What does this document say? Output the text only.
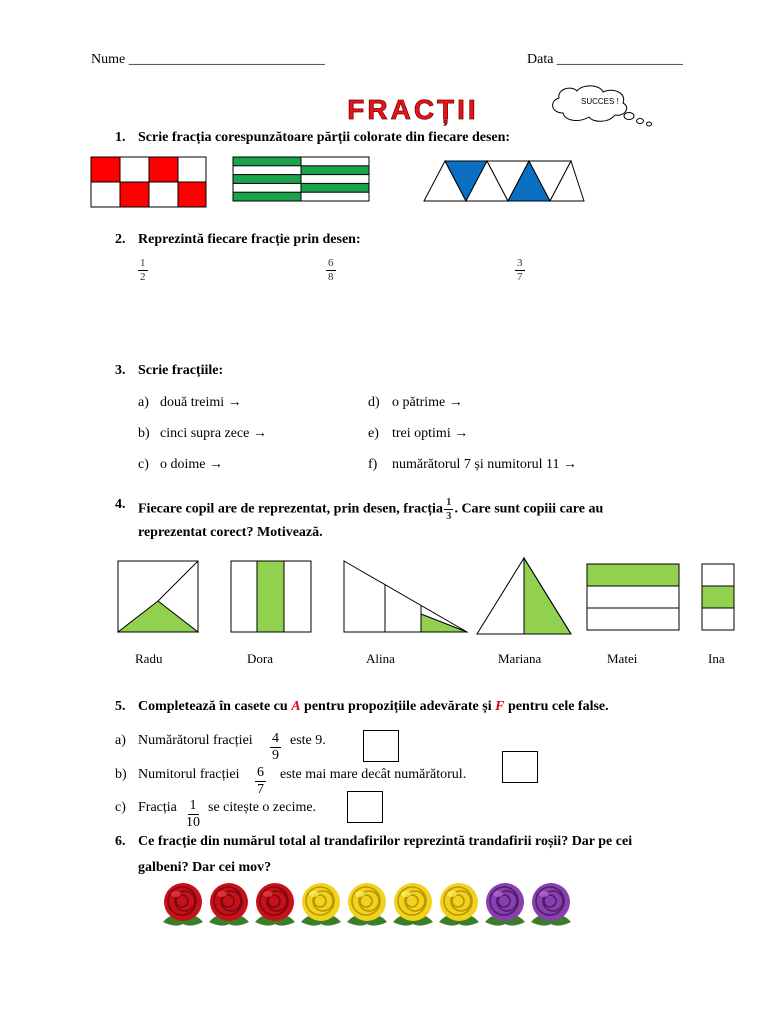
Nume ____________________________	Data __________________
FRACȚII	SUCCES !
1. Scrie fracția corespunzătoare părții colorate din fiecare desen:
2. Reprezintă fiecare fracție prin desen:
$\frac{1}{2}$	$\frac{6}{8}$	$\frac{3}{7}$
3. Scrie fracțiile:
a) două treimi →
b) cinci supra zece →
c) o doime →
d) o pătrime →
e) trei optimi →
f) numărătorul 7 și numitorul 11 →
4. Fiecare copil are de reprezentat, prin desen, fracția $\frac{1}{3}$ . Care sunt copiii care au
reprezentat corect? Motivează.
Radu	Dora	Alina	Mariana	Matei	Ina
5. Completează în casete cu A pentru propozițiile adevărate și F pentru cele false.
a) Numărătorul fracției $\frac{4}{9}$ este 9.
b) Numitorul fracției $\frac{6}{7}$ este mai mare decât numărătorul.
c) Fracția $\frac{1}{10}$ se citește o zecime.
6. Ce fracție din numărul total al trandafirilor reprezintă trandafirii roșii? Dar pe cei
galbeni? Dar cei mov?
